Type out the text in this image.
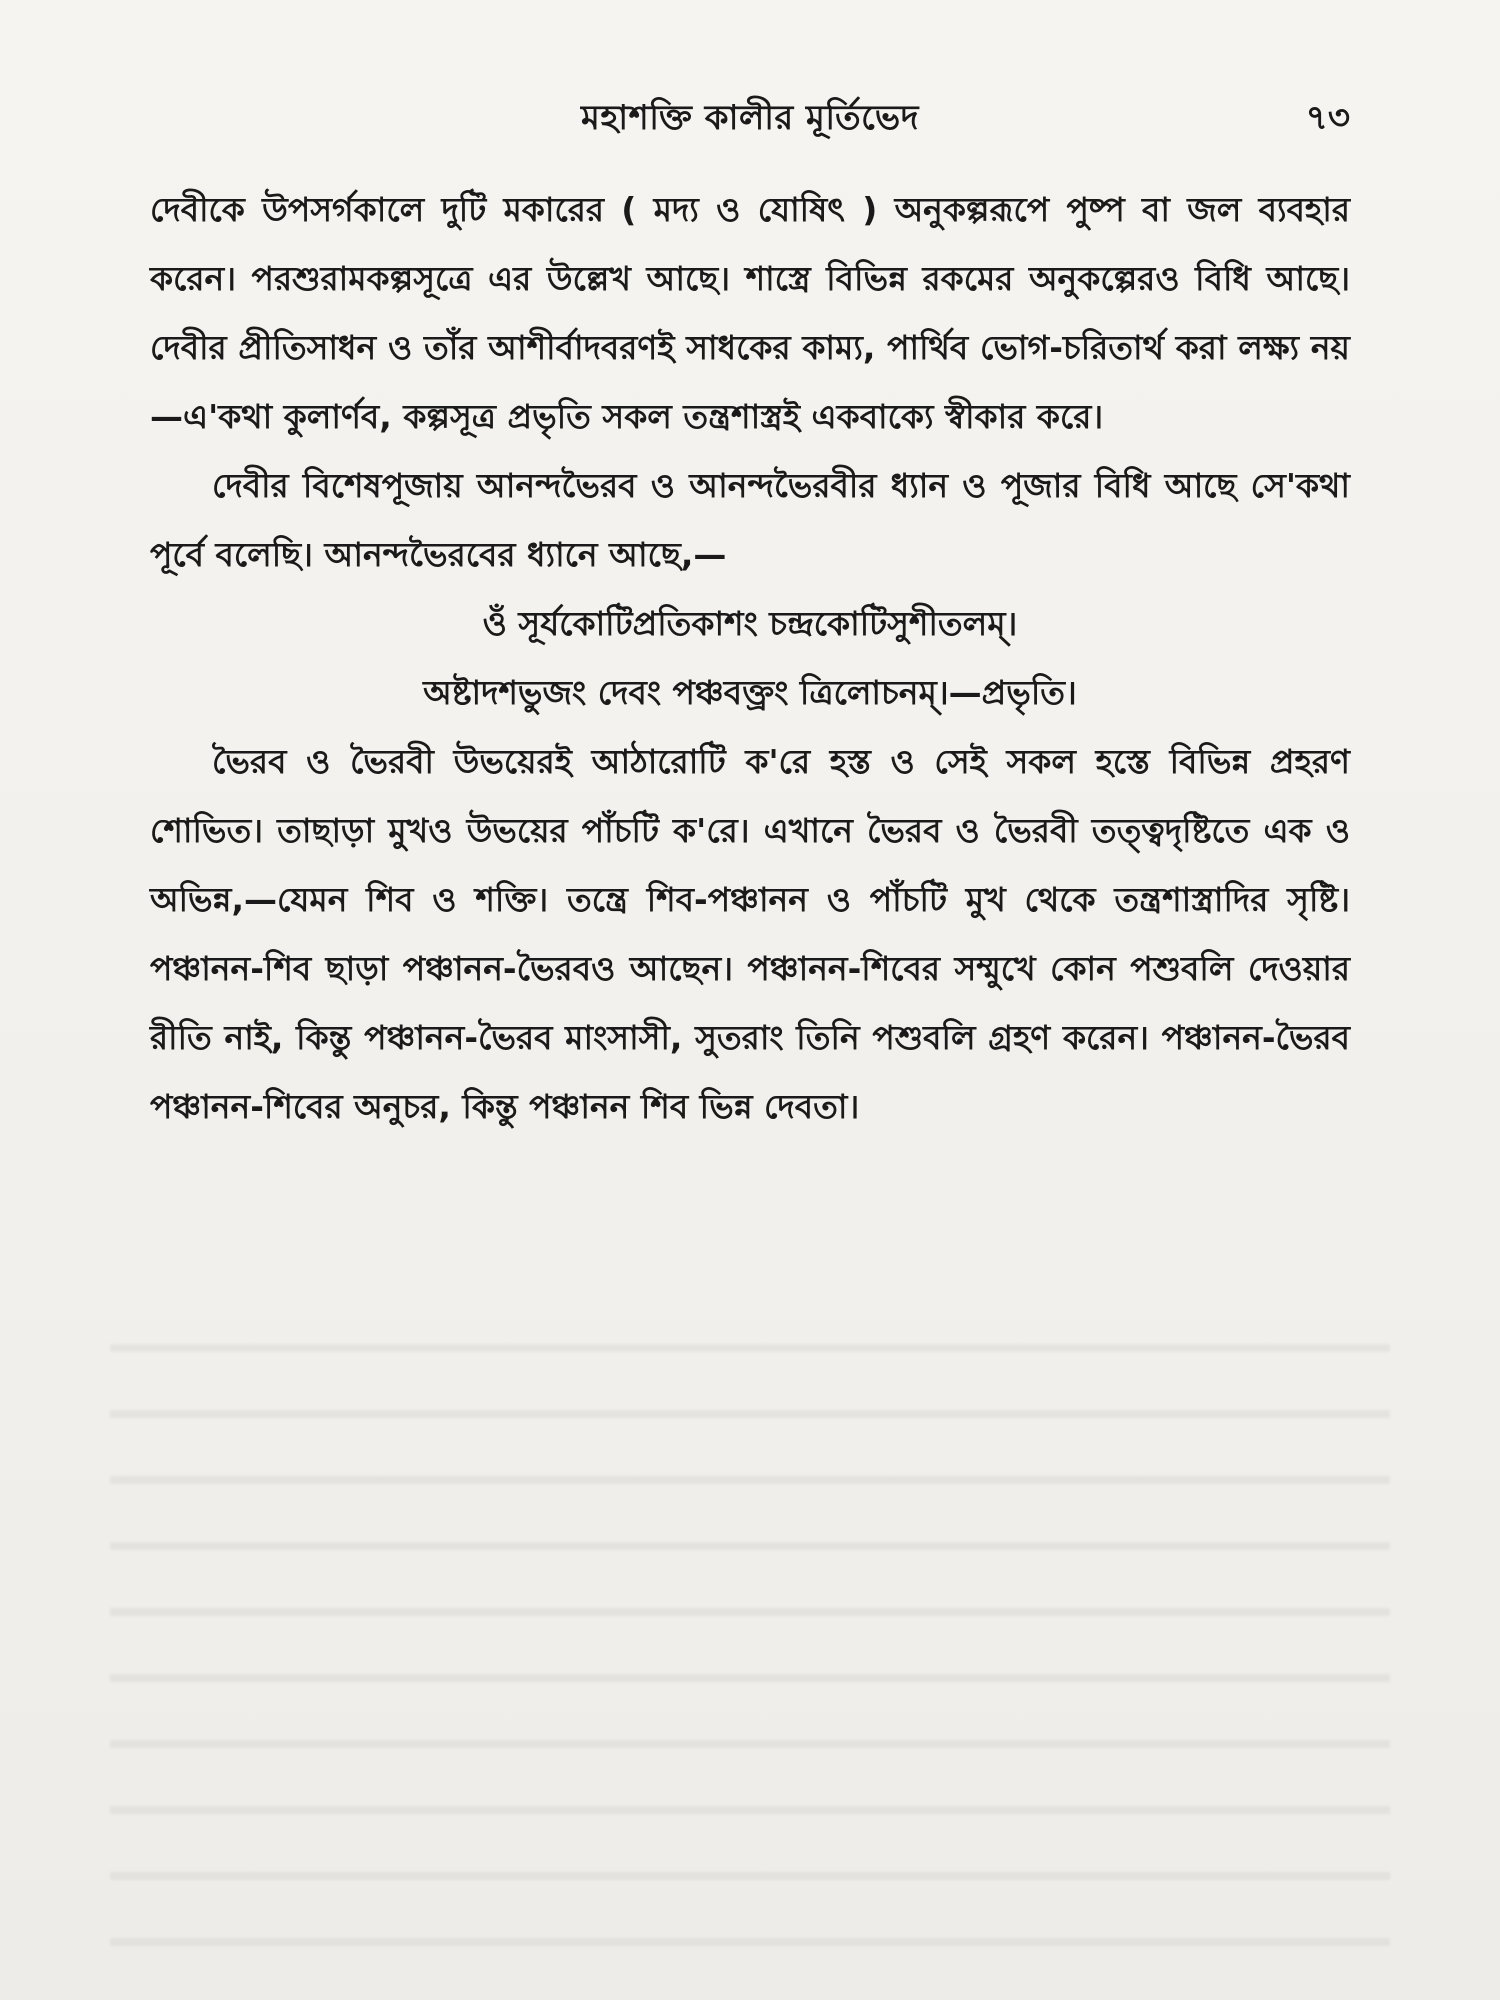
মহাশক্তি কালীর মূর্তিভেদ	৭৩

দেবীকে উপসর্গকালে দুটি মকারের ( মদ্য ও যোষিৎ ) অনুকল্পরূপে পুষ্প বা জল ব্যবহার করেন। পরশুরামকল্পসূত্রে এর উল্লেখ আছে। শাস্ত্রে বিভিন্ন রকমের অনুকল্পেরও বিধি আছে। দেবীর প্রীতিসাধন ও তাঁর আশীর্বাদবরণই সাধকের কাম্য, পার্থিব ভোগ-চরিতার্থ করা লক্ষ্য নয়—এ'কথা কুলার্ণব, কল্পসূত্র প্রভৃতি সকল তন্ত্রশাস্ত্রই একবাক্যে স্বীকার করে।

দেবীর বিশেষপূজায় আনন্দভৈরব ও আনন্দভৈরবীর ধ্যান ও পূজার বিধি আছে সে'কথা পূর্বে বলেছি। আনন্দভৈরবের ধ্যানে আছে,—

ওঁ সূর্যকোটিপ্রতিকাশং চন্দ্রকোটিসুশীতলম্।

অষ্টাদশভুজং দেবং পঞ্চবক্ত্রং ত্রিলোচনম্।—প্রভৃতি।

ভৈরব ও ভৈরবী উভয়েরই আঠারোটি ক'রে হস্ত ও সেই সকল হস্তে বিভিন্ন প্রহরণ শোভিত। তাছাড়া মুখও উভয়ের পাঁচটি ক'রে। এখানে ভৈরব ও ভৈরবী তত্ত্বদৃষ্টিতে এক ও অভিন্ন,—যেমন শিব ও শক্তি। তন্ত্রে শিব-পঞ্চানন ও পাঁচটি মুখ থেকে তন্ত্রশাস্ত্রাদির সৃষ্টি। পঞ্চানন-শিব ছাড়া পঞ্চানন-ভৈরবও আছেন। পঞ্চানন-শিবের সম্মুখে কোন পশুবলি দেওয়ার রীতি নাই, কিন্তু পঞ্চানন-ভৈরব মাংসাসী, সুতরাং তিনি পশুবলি গ্রহণ করেন। পঞ্চানন-ভৈরব পঞ্চানন-শিবের অনুচর, কিন্তু পঞ্চানন শিব ভিন্ন দেবতা।
